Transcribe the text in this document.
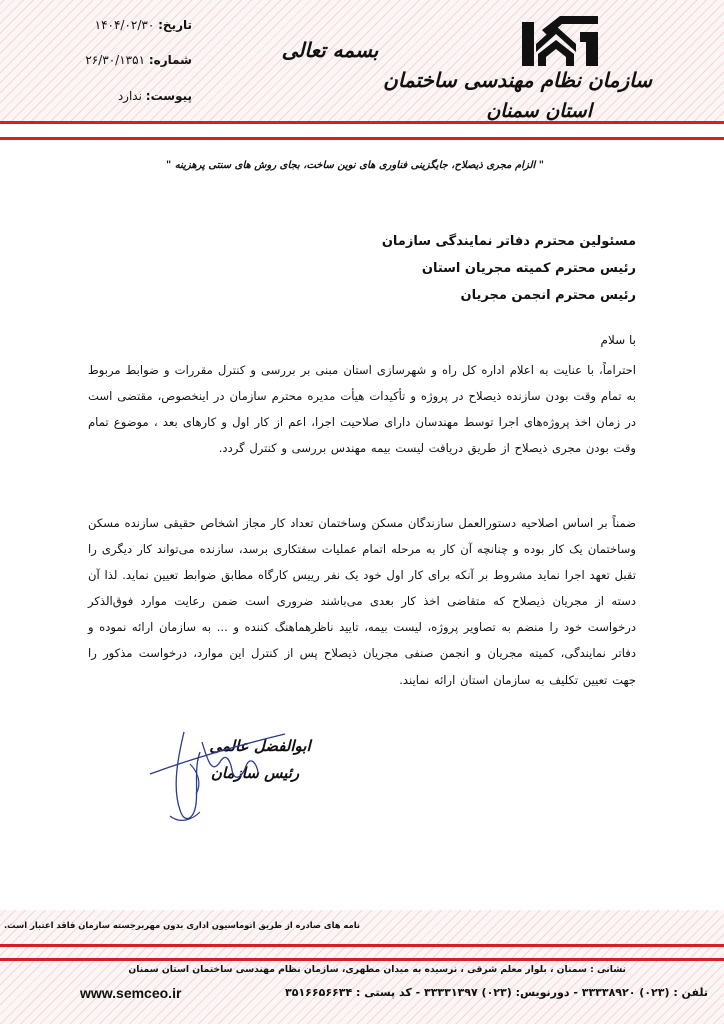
سازمان نظام مهندسی ساختمان
استان سمنان
بسمه تعالی
تاریخ: ۱۴۰۴/۰۲/۳۰
شماره: ۲۶/۳۰/۱۳۵۱
پیوست: ندارد
" الزام مجری ذیصلاح، جایگزینی فناوری های نوین ساخت، بجای روش های سنتی پرهزینه "
مسئولین محترم دفاتر نمایندگی سازمان
رئیس محترم کمیته مجریان استان
رئیس محترم انجمن مجریان
با سلام
احتراماً، با عنایت به اعلام اداره کل راه و شهرسازی استان مبنی بر بررسی و کنترل مقررات و ضوابط مربوط به تمام وقت بودن سازنده ذیصلاح در پروژه و تأکیدات هیأت مدیره محترم سازمان در اینخصوص، مقتضی است در زمان اخذ پروژه‌های اجرا توسط مهندسان دارای صلاحیت اجرا، اعم از کار اول و کارهای بعد ، موضوع تمام وقت بودن مجری ذیصلاح از طریق دریافت لیست بیمه مهندس بررسی و کنترل گردد.
ضمناً بر اساس اصلاحیه دستورالعمل سازندگان مسکن وساختمان تعداد کار مجاز اشخاص حقیقی سازنده مسکن وساختمان یک کار بوده و چنانچه آن کار به مرحله اتمام عملیات سفتکاری برسد، سازنده می‌تواند کار دیگری را تقبل تعهد اجرا نماید مشروط بر آنکه برای کار اول خود یک نفر رییس کارگاه مطابق ضوابط تعیین نماید. لذا آن دسته از مجریان ذیصلاح که متقاضی اخذ کار بعدی می‌باشند ضروری است ضمن رعایت موارد فوق‌الذکر درخواست خود را منضم به تصاویر پروژه، لیست بیمه، تایید ناظرهماهنگ کننده و ... به سازمان ارائه نموده و دفاتر نمایندگی، کمیته مجریان و انجمن صنفی مجریان ذیصلاح پس از کنترل این موارد، درخواست مذکور را جهت تعیین تکلیف به سازمان استان ارائه نمایند.
ابوالفضل عالمی
رئیس سازمان
نامه های صادره از طریق اتوماسیون اداری بدون مهربرجسته سازمان فاقد اعتبار است.
نشانی : سمنان ، بلوار معلم شرقی ، نرسیده به میدان مطهری، سازمان نظام مهندسی ساختمان استان سمنان
www.semceo.ir	تلفن : (۰۲۳) ۳۳۳۳۸۹۲۰ - دورنویس: (۰۲۳) ۳۳۳۳۱۳۹۷ - کد پستی : ۳۵۱۶۶۵۶۶۳۴
